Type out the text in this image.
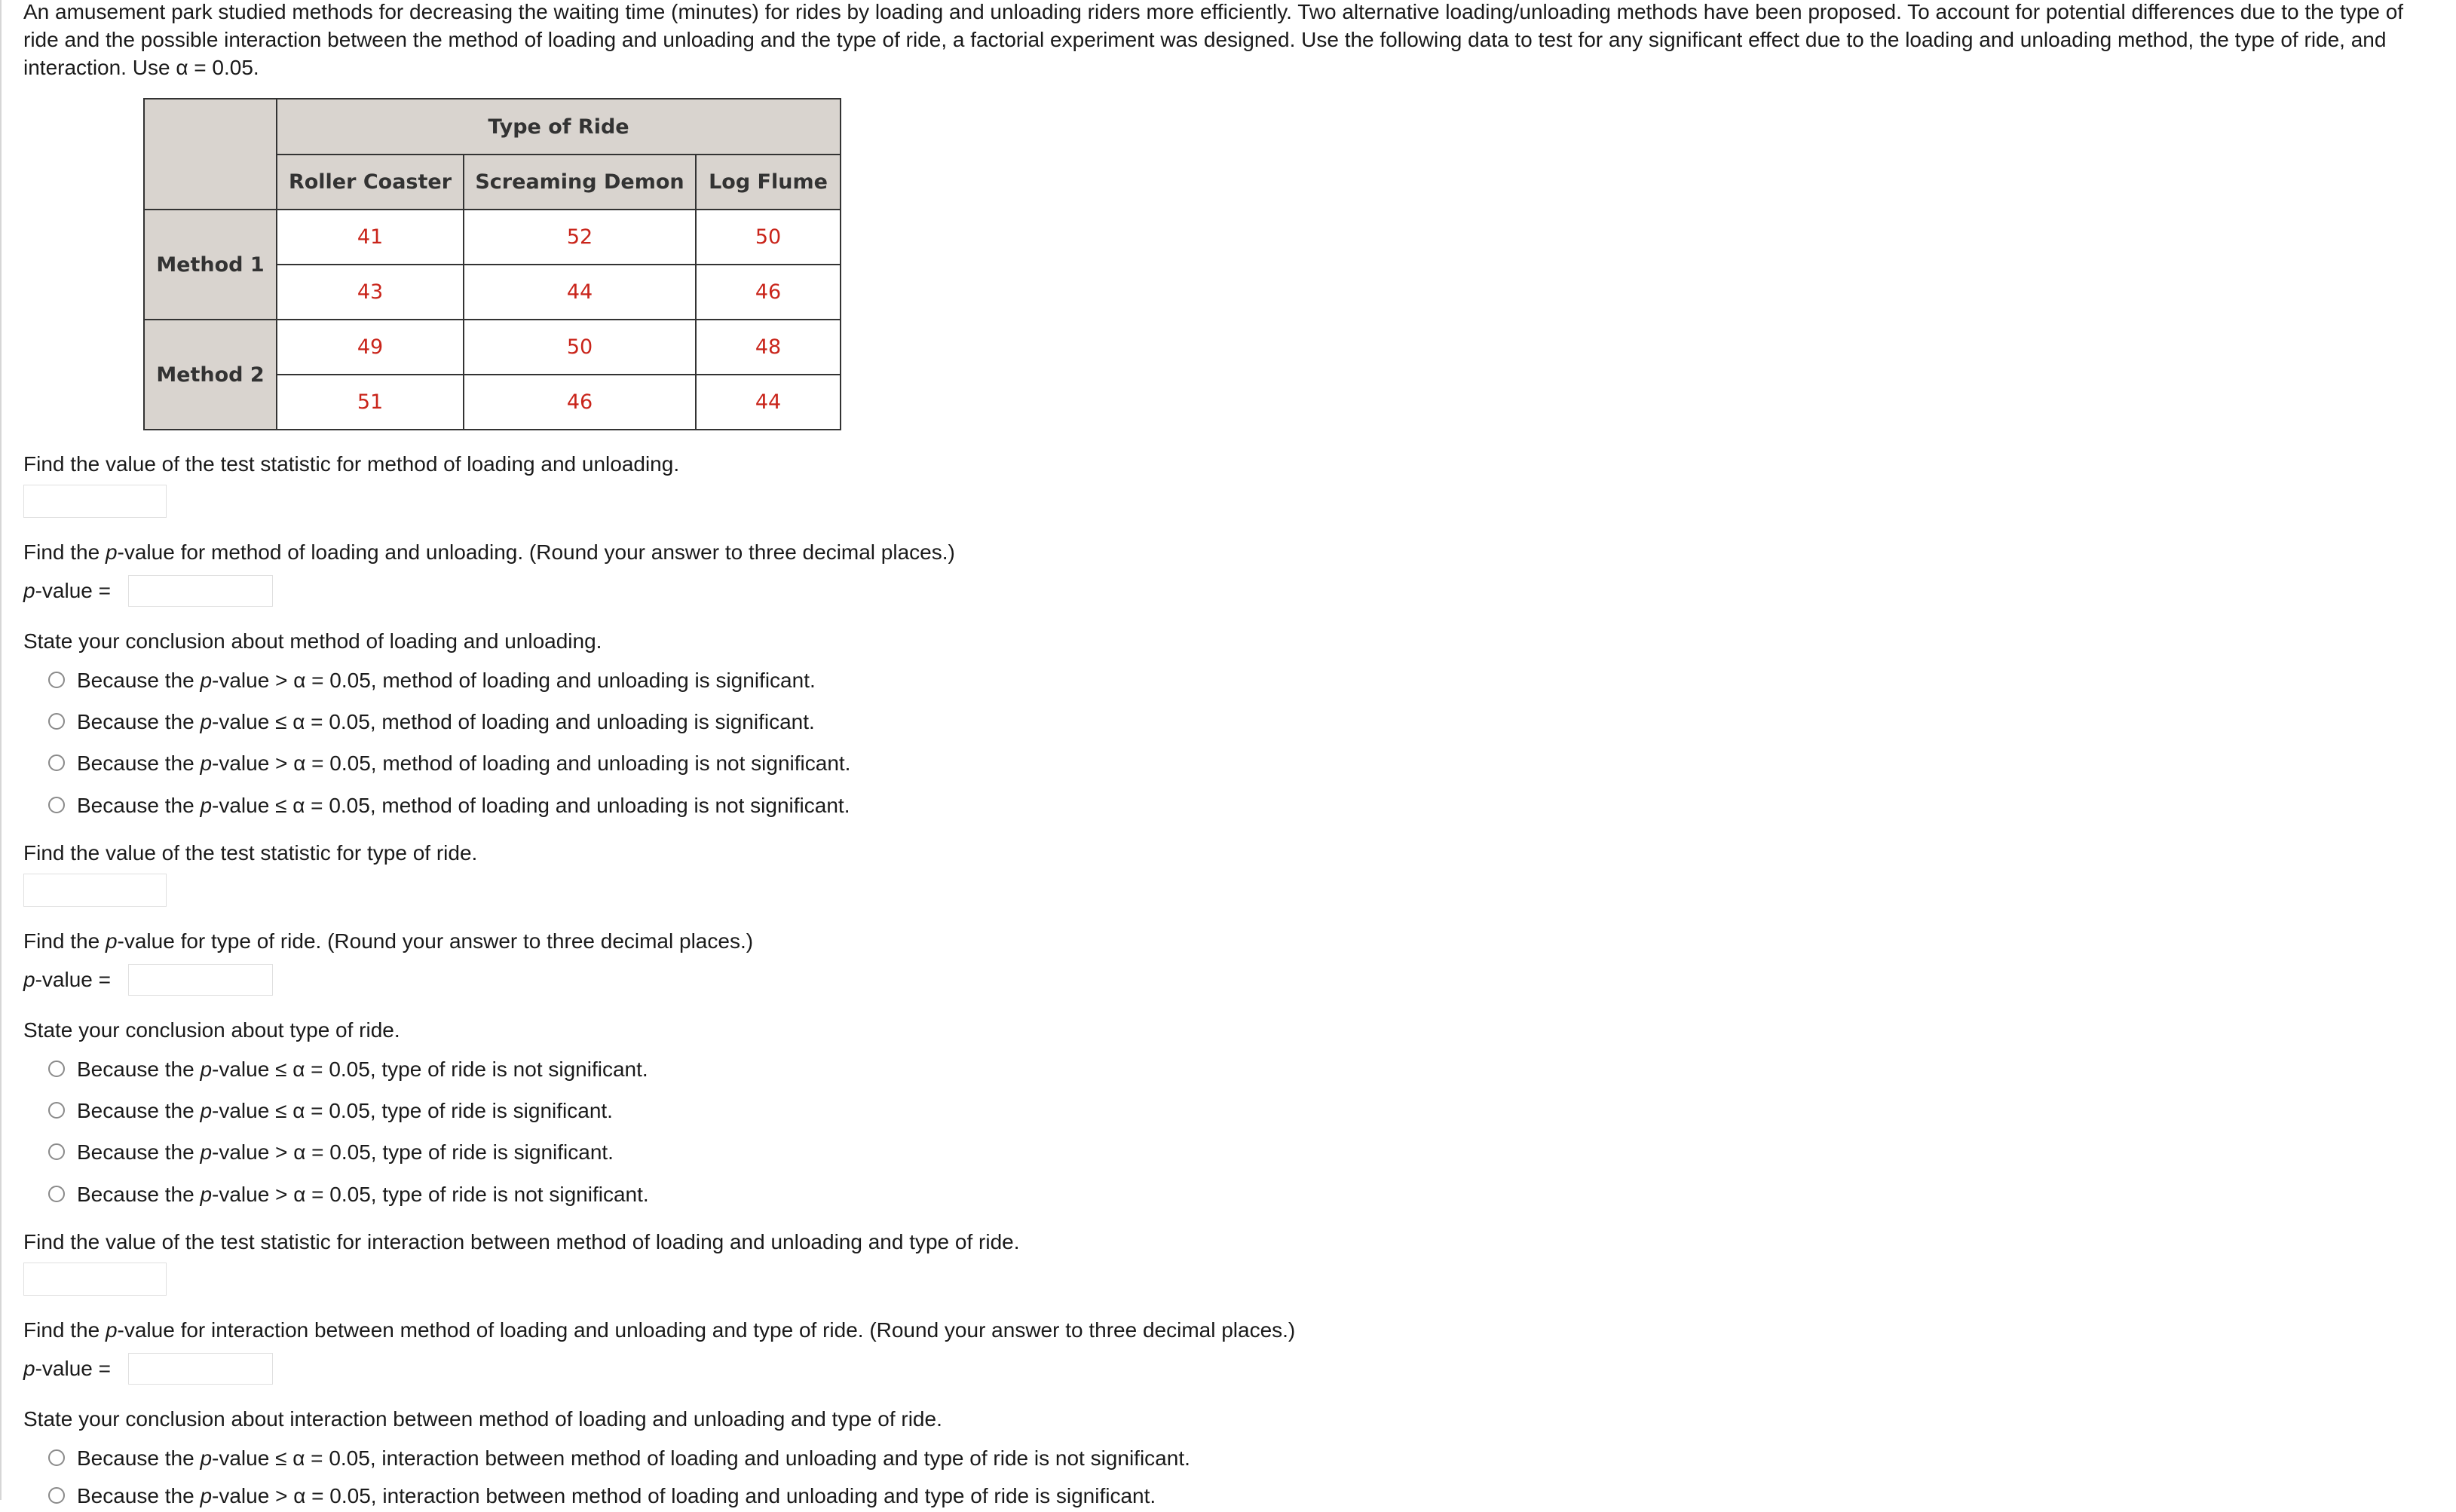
An amusement park studied methods for decreasing the waiting time (minutes) for rides by loading and unloading riders more efficiently. Two alternative loading/unloading methods have been proposed. To account for potential differences due to the type of ride and the possible interaction between the method of loading and unloading and the type of ride, a factorial experiment was designed. Use the following data to test for any significant effect due to the loading and unloading method, the type of ride, and interaction. Use α = 0.05.

	Type of Ride		
	Roller Coaster	Screaming Demon	Log Flume
Method 1	41	52	50
	43	44	46
Method 2	49	50	48
	51	46	44

Find the value of the test statistic for method of loading and unloading.

Find the p-value for method of loading and unloading. (Round your answer to three decimal places.)

p-value =

State your conclusion about method of loading and unloading.

Because the p-value > α = 0.05, method of loading and unloading is significant.
Because the p-value ≤ α = 0.05, method of loading and unloading is significant.
Because the p-value > α = 0.05, method of loading and unloading is not significant.
Because the p-value ≤ α = 0.05, method of loading and unloading is not significant.

Find the value of the test statistic for type of ride.

Find the p-value for type of ride. (Round your answer to three decimal places.)

p-value =

State your conclusion about type of ride.

Because the p-value ≤ α = 0.05, type of ride is not significant.
Because the p-value ≤ α = 0.05, type of ride is significant.
Because the p-value > α = 0.05, type of ride is significant.
Because the p-value > α = 0.05, type of ride is not significant.

Find the value of the test statistic for interaction between method of loading and unloading and type of ride.

Find the p-value for interaction between method of loading and unloading and type of ride. (Round your answer to three decimal places.)

p-value =

State your conclusion about interaction between method of loading and unloading and type of ride.

Because the p-value ≤ α = 0.05, interaction between method of loading and unloading and type of ride is not significant.
Because the p-value > α = 0.05, interaction between method of loading and unloading and type of ride is significant.
